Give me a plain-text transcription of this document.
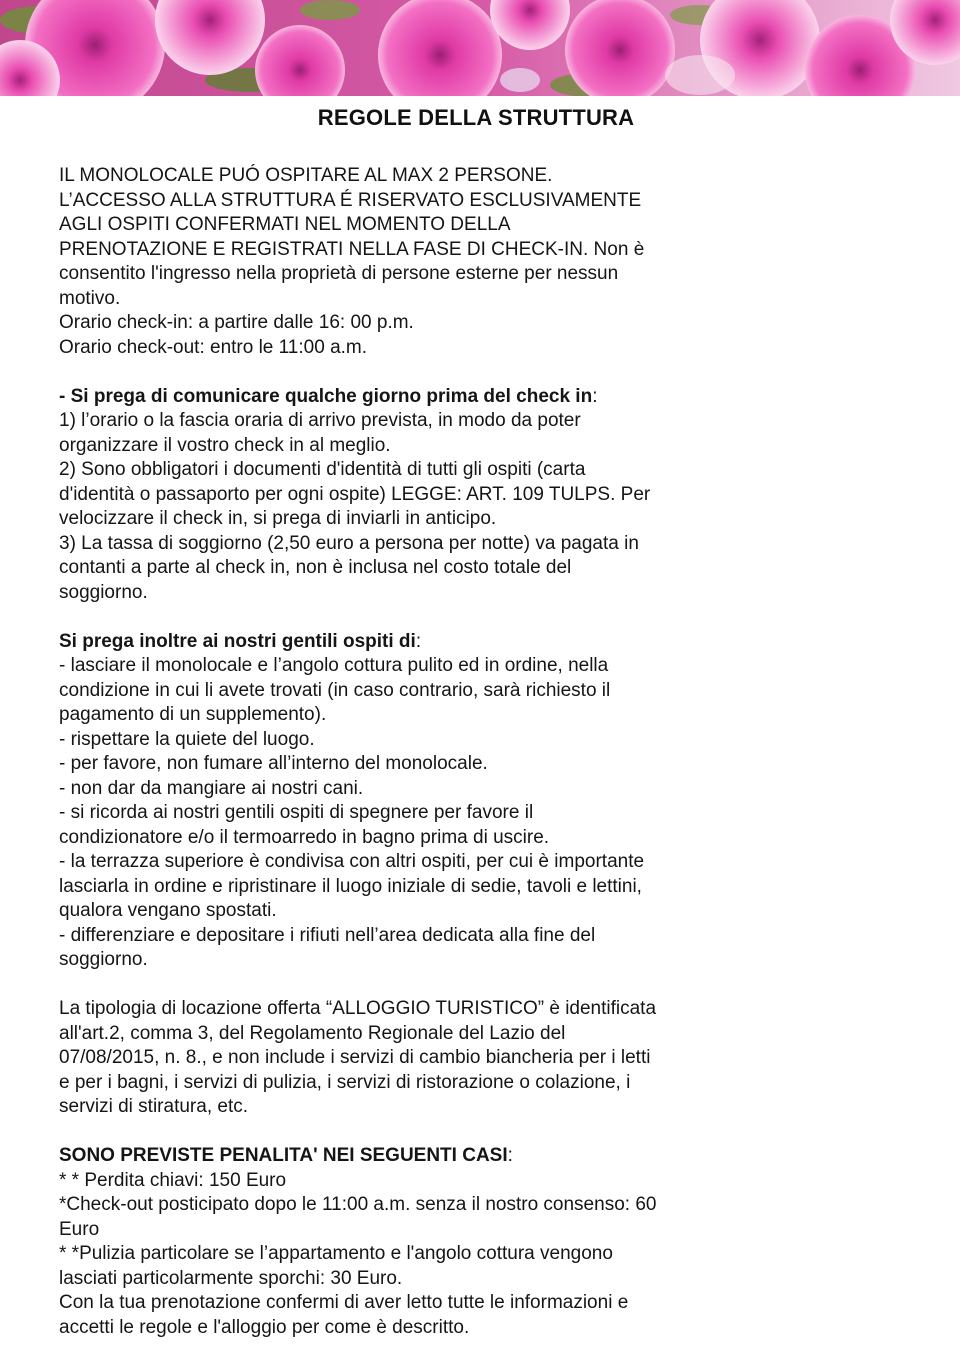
REGOLE DELLA STRUTTURA
IL MONOLOCALE PUÓ OSPITARE AL MAX 2 PERSONE.
L’ACCESSO ALLA STRUTTURA É RISERVATO ESCLUSIVAMENTE
AGLI OSPITI CONFERMATI NEL MOMENTO DELLA
PRENOTAZIONE E REGISTRATI NELLA FASE DI CHECK-IN. Non è
consentito l'ingresso nella proprietà di persone esterne per nessun
motivo.
Orario check-in: a partire dalle 16: 00 p.m.
Orario check-out: entro le 11:00 a.m.
- Si prega di comunicare qualche giorno prima del check in:
1) l’orario o la fascia oraria di arrivo prevista, in modo da poter
organizzare il vostro check in al meglio.
2) Sono obbligatori i documenti d'identità di tutti gli ospiti (carta
d'identità o passaporto per ogni ospite) LEGGE: ART. 109 TULPS. Per
velocizzare il check in, si prega di inviarli in anticipo.
3) La tassa di soggiorno (2,50 euro a persona per notte) va pagata in
contanti a parte al check in, non è inclusa nel costo totale del
soggiorno.
Si prega inoltre ai nostri gentili ospiti di:
- lasciare il monolocale e l’angolo cottura pulito ed in ordine, nella
condizione in cui li avete trovati (in caso contrario, sarà richiesto il
pagamento di un supplemento).
- rispettare la quiete del luogo.
- per favore, non fumare all’interno del monolocale.
- non dar da mangiare ai nostri cani.
- si ricorda ai nostri gentili ospiti di spegnere per favore il
condizionatore e/o il termoarredo in bagno prima di uscire.
- la terrazza superiore è condivisa con altri ospiti, per cui è importante
lasciarla in ordine e ripristinare il luogo iniziale di sedie, tavoli e lettini,
qualora vengano spostati.
- differenziare e depositare i rifiuti nell’area dedicata alla fine del
soggiorno.
La tipologia di locazione offerta “ALLOGGIO TURISTICO” è identificata
all'art.2, comma 3, del Regolamento Regionale del Lazio del
07/08/2015, n. 8., e non include i servizi di cambio biancheria per i letti
e per i bagni, i servizi di pulizia, i servizi di ristorazione o colazione, i
servizi di stiratura, etc.
SONO PREVISTE PENALITA' NEI SEGUENTI CASI:
* * Perdita chiavi: 150 Euro
*Check-out posticipato dopo le 11:00 a.m. senza il nostro consenso: 60
Euro
* *Pulizia particolare se l’appartamento e l'angolo cottura vengono
lasciati particolarmente sporchi: 30 Euro.
Con la tua prenotazione confermi di aver letto tutte le informazioni e
accetti le regole e l'alloggio per come è descritto.
